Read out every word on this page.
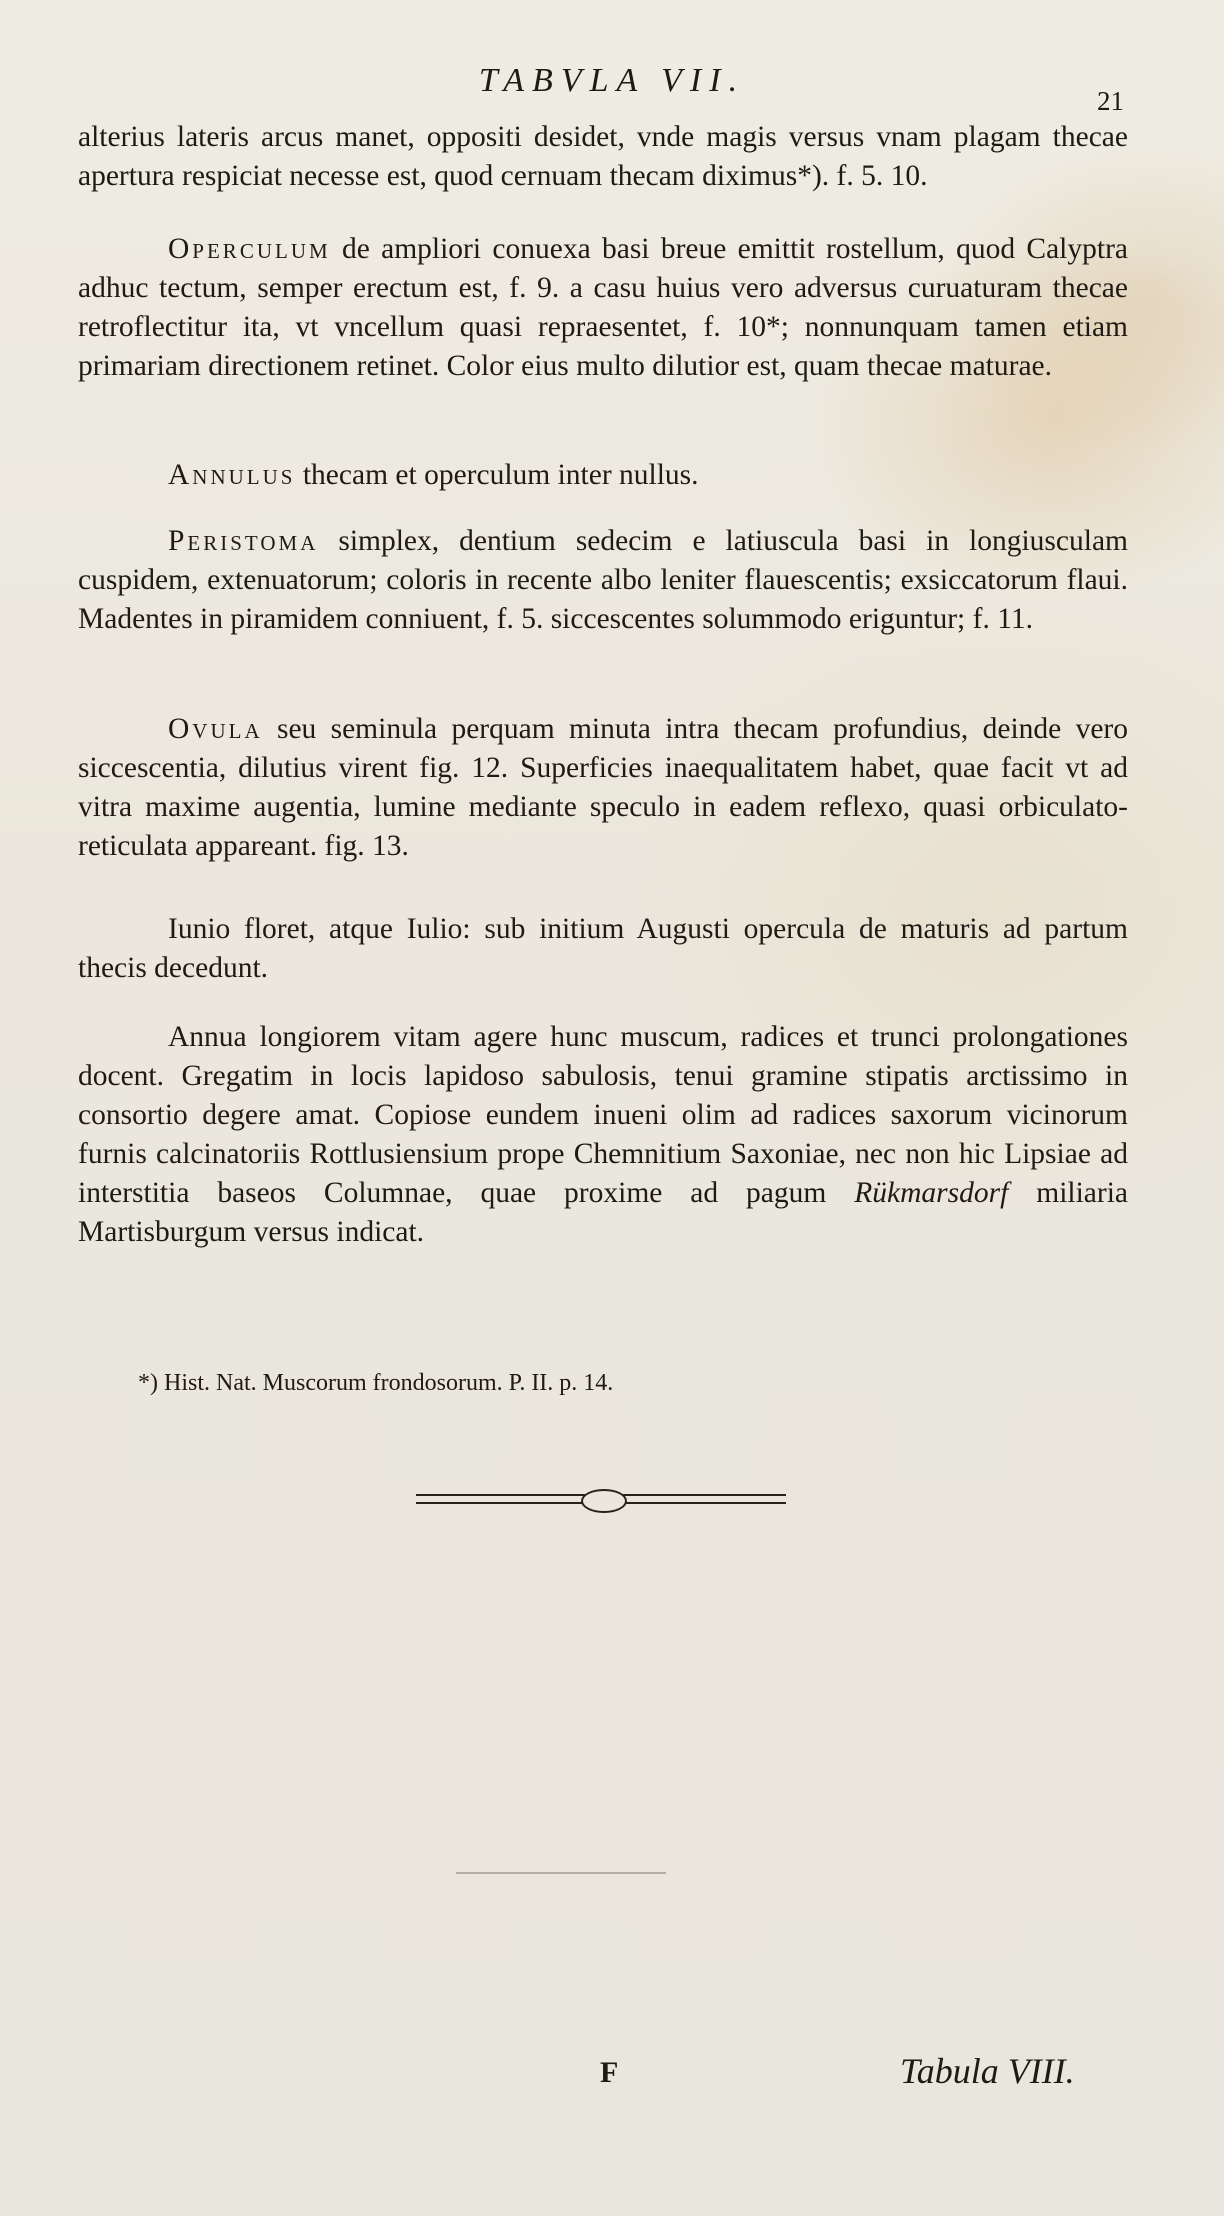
TABVLA VII.
21

alterius lateris arcus manet, oppositi desidet, vnde magis versus vnam plagam thecae apertura respiciat necesse est, quod cernuam thecam diximus*). f. 5. 10.

Operculum de ampliori conuexa basi breue emittit rostellum, quod Calyptra adhuc tectum, semper erectum est, f. 9. a casu huius vero adversus curuaturam thecae retroflectitur ita, vt vncellum quasi repraesentet, f. 10*; nonnunquam tamen etiam primariam directionem retinet. Color eius multo dilutior est, quam thecae maturae.

Annulus thecam et operculum inter nullus.

Peristoma simplex, dentium sedecim e latiuscula basi in longiusculam cuspidem, extenuatorum; coloris in recente albo leniter flauescentis; exsiccatorum flaui. Madentes in piramidem conniuent, f. 5. siccescentes solummodo eriguntur; f. 11.

Ovula seu seminula perquam minuta intra thecam profundius, deinde vero siccescentia, dilutius virent fig. 12. Superficies inaequalitatem habet, quae facit vt ad vitra maxime augentia, lumine mediante speculo in eadem reflexo, quasi orbiculato-reticulata appareant. fig. 13.

Iunio floret, atque Iulio: sub initium Augusti opercula de maturis ad partum thecis decedunt.

Annua longiorem vitam agere hunc muscum, radices et trunci prolongationes docent. Gregatim in locis lapidoso sabulosis, tenui gramine stipatis arctissimo in consortio degere amat. Copiose eundem inueni olim ad radices saxorum vicinorum furnis calcinatoriis Rottlusiensium prope Chemnitium Saxoniae, nec non hic Lipsiae ad interstitia baseos Columnae, quae proxime ad pagum Rükmarsdorf miliaria Martisburgum versus indicat.

*) Hist. Nat. Muscorum frondosorum. P. II. p. 14.
F	Tabula VIII.
